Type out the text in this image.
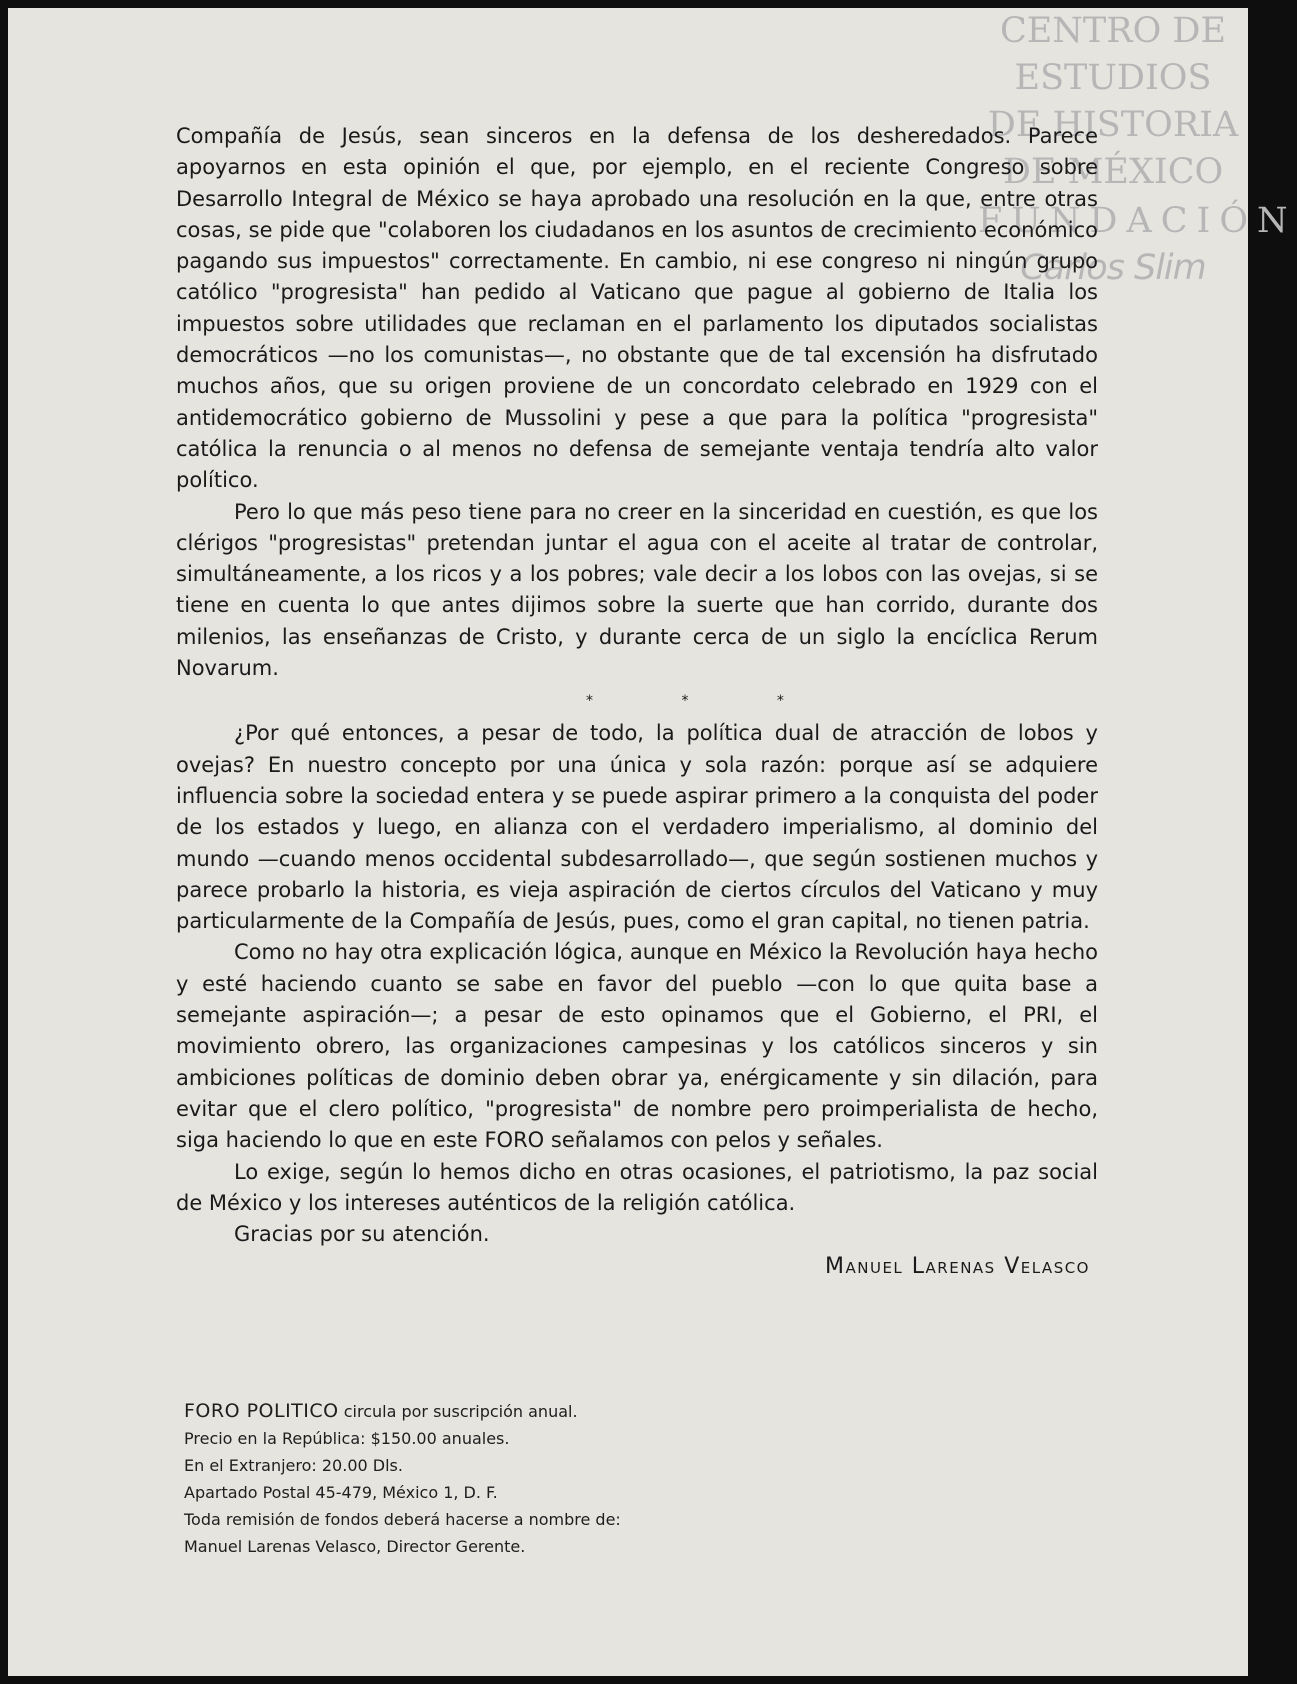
CENTRO DE
ESTUDIOS
DE HISTORIA
DE MÉXICO
FUNDACIÓN
Carlos Slim

Compañía de Jesús, sean sinceros en la defensa de los desheredados. Parece apoyarnos en esta opinión el que, por ejemplo, en el reciente Congreso sobre Desarrollo Integral de México se haya aprobado una resolución en la que, entre otras cosas, se pide que "colaboren los ciudadanos en los asuntos de crecimiento económico pagando sus impuestos" correctamente. En cambio, ni ese congreso ni ningún grupo católico "progresista" han pedido al Vaticano que pague al gobierno de Italia los impuestos sobre utilidades que reclaman en el parlamento los diputados socialistas democráticos —no los comunistas—, no obstante que de tal excensión ha disfrutado muchos años, que su origen proviene de un concordato celebrado en 1929 con el antidemocrático gobierno de Mussolini y pese a que para la política "progresista" católica la renuncia o al menos no defensa de semejante ventaja tendría alto valor político.

Pero lo que más peso tiene para no creer en la sinceridad en cuestión, es que los clérigos "progresistas" pretendan juntar el agua con el aceite al tratar de controlar, simultáneamente, a los ricos y a los pobres; vale decir a los lobos con las ovejas, si se tiene en cuenta lo que antes dijimos sobre la suerte que han corrido, durante dos milenios, las enseñanzas de Cristo, y durante cerca de un siglo la encíclica Rerum Novarum.

* * *

¿Por qué entonces, a pesar de todo, la política dual de atracción de lobos y ovejas? En nuestro concepto por una única y sola razón: porque así se adquiere influencia sobre la sociedad entera y se puede aspirar primero a la conquista del poder de los estados y luego, en alianza con el verdadero imperialismo, al dominio del mundo —cuando menos occidental subdesarrollado—, que según sostienen muchos y parece probarlo la historia, es vieja aspiración de ciertos círculos del Vaticano y muy particularmente de la Compañía de Jesús, pues, como el gran capital, no tienen patria.

Como no hay otra explicación lógica, aunque en México la Revolución haya hecho y esté haciendo cuanto se sabe en favor del pueblo —con lo que quita base a semejante aspiración—; a pesar de esto opinamos que el Gobierno, el PRI, el movimiento obrero, las organizaciones campesinas y los católicos sinceros y sin ambiciones políticas de dominio deben obrar ya, enérgicamente y sin dilación, para evitar que el clero político, "progresista" de nombre pero proimperialista de hecho, siga haciendo lo que en este FORO señalamos con pelos y señales.

Lo exige, según lo hemos dicho en otras ocasiones, el patriotismo, la paz social de México y los intereses auténticos de la religión católica.

Gracias por su atención.

Manuel Larenas Velasco
FORO POLITICO circula por suscripción anual.
Precio en la República: $150.00 anuales.
En el Extranjero: 20.00 Dls.
Apartado Postal 45-479, México 1, D. F.
Toda remisión de fondos deberá hacerse a nombre de:
Manuel Larenas Velasco, Director Gerente.
